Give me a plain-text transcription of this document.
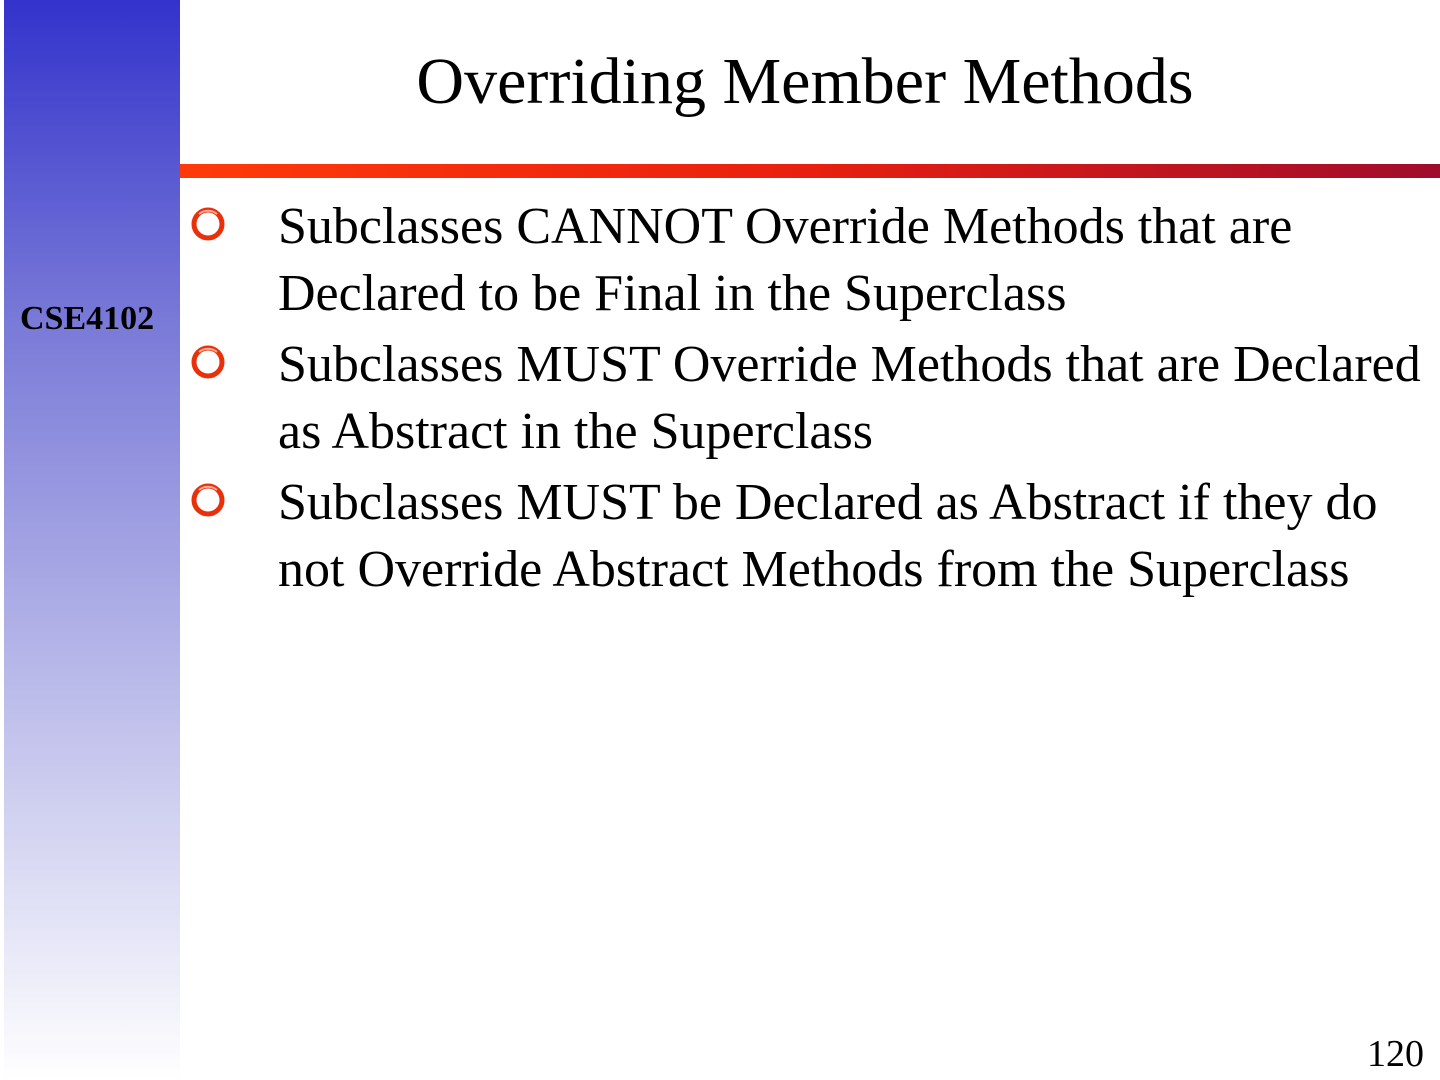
CSE4102
Overriding Member Methods
Subclasses CANNOT Override Methods that are Declared to be Final in the Superclass
Subclasses MUST Override Methods that are Declared as Abstract in the Superclass
Subclasses MUST be Declared as Abstract if they do not Override Abstract Methods from the Superclass
120
